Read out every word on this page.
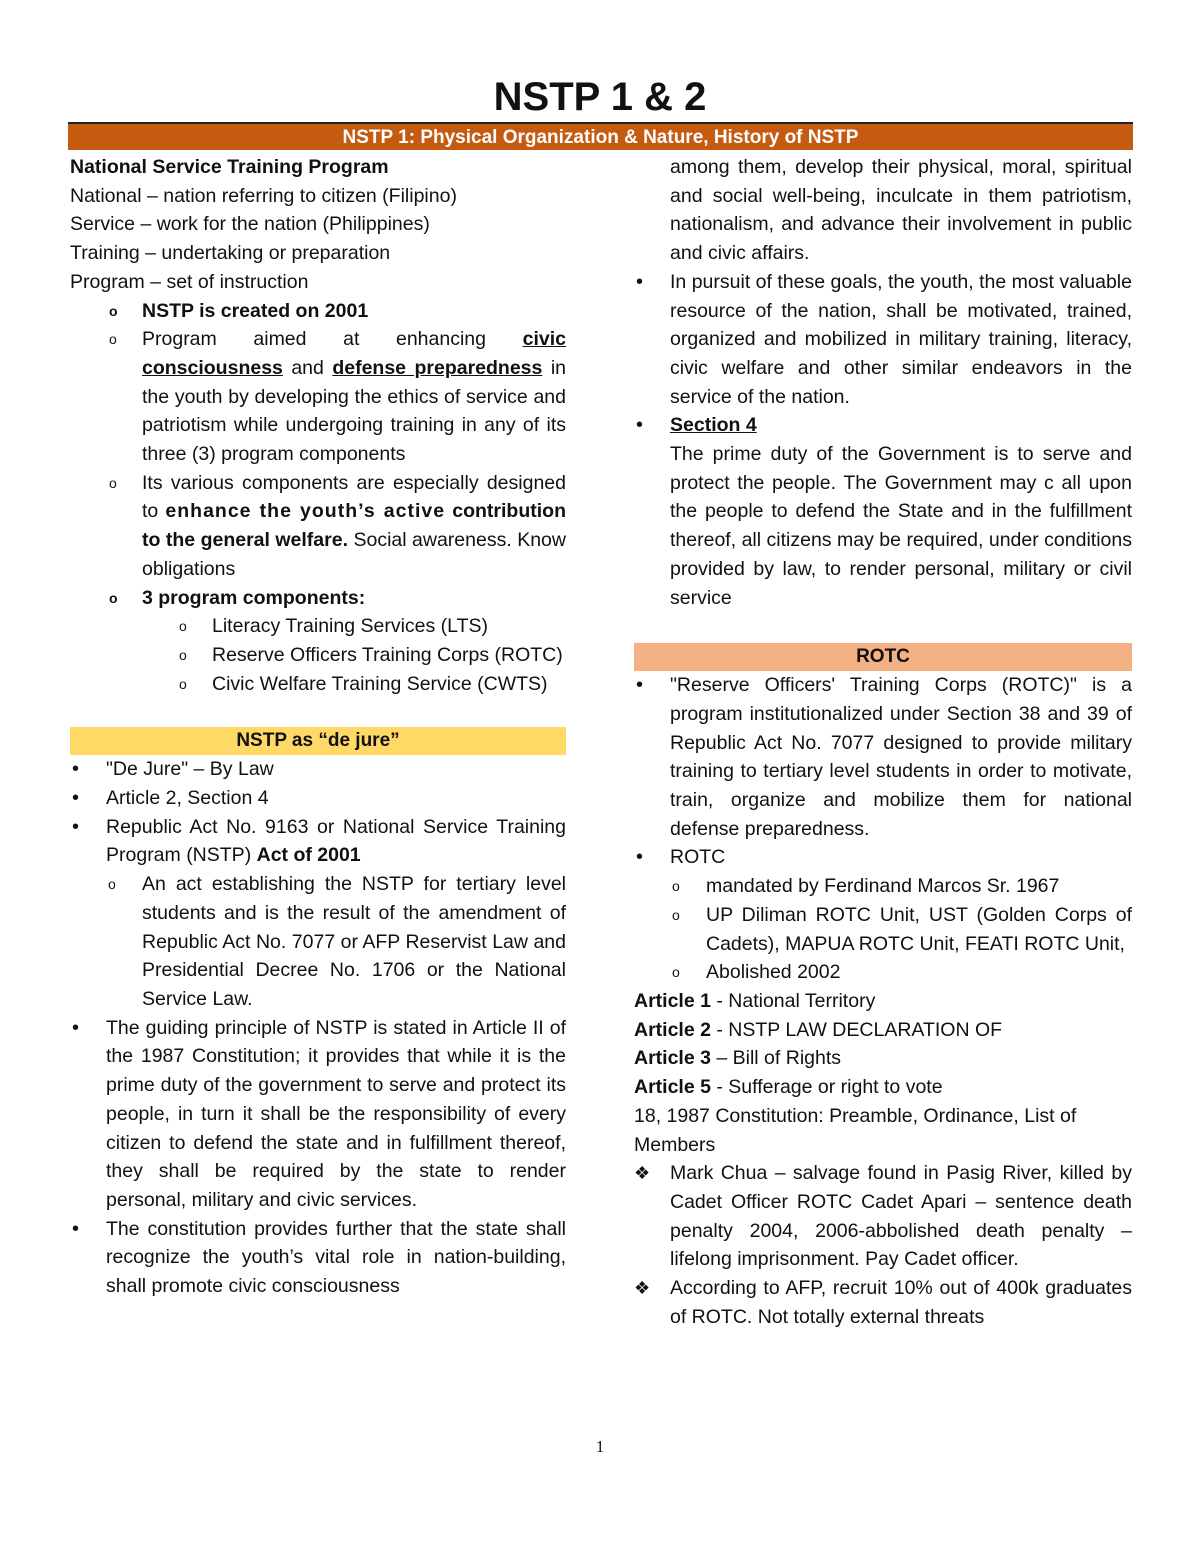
NSTP 1 & 2
NSTP 1: Physical Organization & Nature, History of NSTP

National Service Training Program

National – nation referring to citizen (Filipino)

Service – work for the nation (Philippines)

Training – undertaking or preparation

Program – set of instruction

o NSTP is created on 2001
o Program aimed at enhancing civic consciousness and defense preparedness in the youth by developing the ethics of service and patriotism while undergoing training in any of its three (3) program components
o Its various components are especially designed to enhance the youth’s active contribution to the general welfare. Social awareness. Know obligations
o 3 program components:
o Literacy Training Services (LTS)
o Reserve Officers Training Corps (ROTC)
o Civic Welfare Training Service (CWTS)

NSTP as “de jure”

• "De Jure" – By Law
• Article 2, Section 4
• Republic Act No. 9163 or National Service Training Program (NSTP) Act of 2001
o An act establishing the NSTP for tertiary level students and is the result of the amendment of Republic Act No. 7077 or AFP Reservist Law and Presidential Decree No. 1706 or the National Service Law.
• The guiding principle of NSTP is stated in Article II of the 1987 Constitution; it provides that while it is the prime duty of the government to serve and protect its people, in turn it shall be the responsibility of every citizen to defend the state and in fulfillment thereof, they shall be required by the state to render personal, military and civic services.
• The constitution provides further that the state shall recognize the youth’s vital role in nation-building, shall promote civic consciousness

among them, develop their physical, moral, spiritual and social well-being, inculcate in them patriotism, nationalism, and advance their involvement in public and civic affairs.

• In pursuit of these goals, the youth, the most valuable resource of the nation, shall be motivated, trained, organized and mobilized in military training, literacy, civic welfare and other similar endeavors in the service of the nation.
• Section 4
The prime duty of the Government is to serve and protect the people. The Government may c all upon the people to defend the State and in the fulfillment thereof, all citizens may be required, under conditions provided by law, to render personal, military or civil service

ROTC

• "Reserve Officers' Training Corps (ROTC)" is a program institutionalized under Section 38 and 39 of Republic Act No. 7077 designed to provide military training to tertiary level students in order to motivate, train, organize and mobilize them for national defense preparedness.
• ROTC
o mandated by Ferdinand Marcos Sr. 1967
o UP Diliman ROTC Unit, UST (Golden Corps of Cadets), MAPUA ROTC Unit, FEATI ROTC Unit,
o Abolished 2002

Article 1 - National Territory

Article 2 - NSTP LAW DECLARATION OF

Article 3 – Bill of Rights

Article 5 - Sufferage or right to vote

18, 1987 Constitution: Preamble, Ordinance, List of Members

❖ Mark Chua – salvage found in Pasig River, killed by Cadet Officer ROTC Cadet Apari – sentence death penalty 2004, 2006-abbolished death penalty – lifelong imprisonment. Pay Cadet officer.
❖ According to AFP, recruit 10% out of 400k graduates of ROTC. Not totally external threats
1
